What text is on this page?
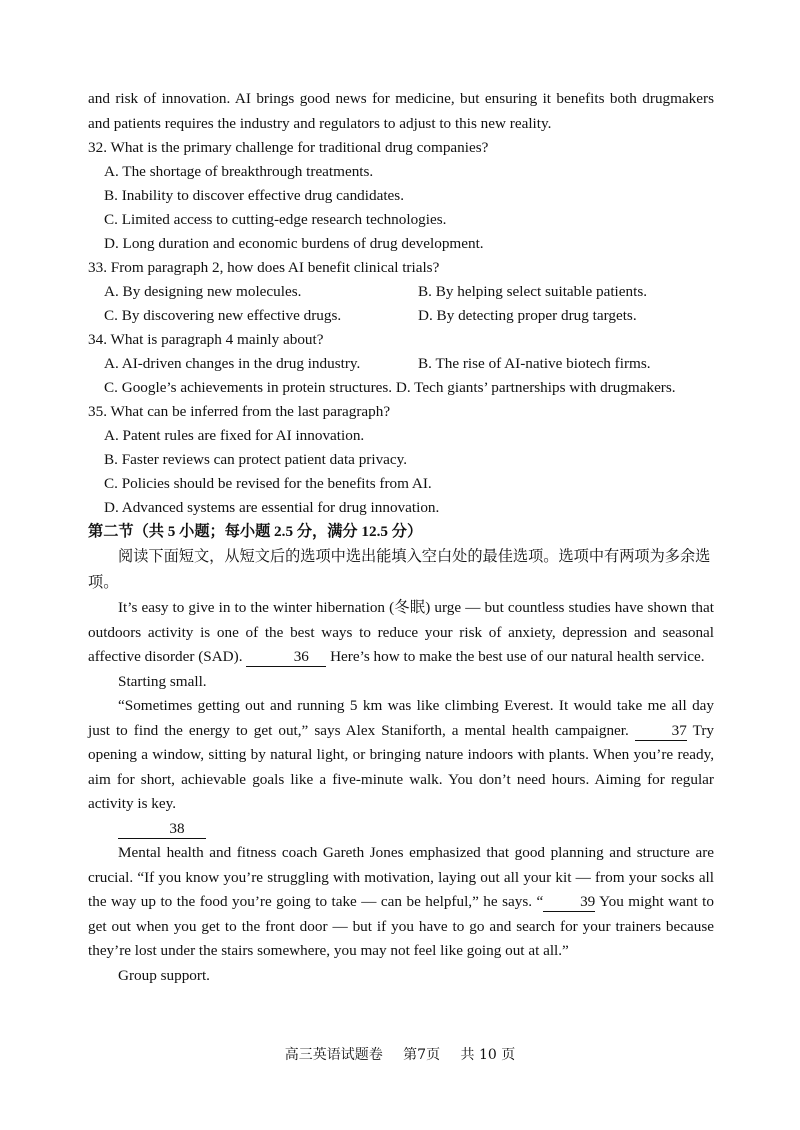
and risk of innovation. AI brings good news for medicine, but ensuring it benefits both drugmakers and patients requires the industry and regulators to adjust to this new reality.

32. What is the primary challenge for traditional drug companies?

A. The shortage of breakthrough treatments.

B. Inability to discover effective drug candidates.

C. Limited access to cutting-edge research technologies.

D. Long duration and economic burdens of drug development.

33. From paragraph 2, how does AI benefit clinical trials?

A. By designing new molecules.	B. By helping select suitable patients.
C. By discovering new effective drugs.	D. By detecting proper drug targets.

34. What is paragraph 4 mainly about?

A. AI-driven changes in the drug industry.	B. The rise of AI-native biotech firms.
C. Google’s achievements in protein structures. D. Tech giants’ partnerships with drugmakers.

35. What can be inferred from the last paragraph?

A. Patent rules are fixed for AI innovation.

B. Faster reviews can protect patient data privacy.

C. Policies should be revised for the benefits from AI.

D. Advanced systems are essential for drug innovation.

第二节（共 5 小题；每小题 2.5 分，满分 12.5 分）

阅读下面短文，从短文后的选项中选出能填入空白处的最佳选项。选项中有两项为多余选项。

It’s easy to give in to the winter hibernation (冬眠) urge — but countless studies have shown that outdoors activity is one of the best ways to reduce your risk of anxiety, depression and seasonal affective disorder (SAD).	36 Here’s how to make the best use of our natural health service.

Starting small.

“Sometimes getting out and running 5 km was like climbing Everest. It would take me all day just to find the energy to get out,” says Alex Staniforth, a mental health campaigner.	37 Try opening a window, sitting by natural light, or bringing nature indoors with plants. When you’re ready, aim for short, achievable goals like a five-minute walk. You don’t need hours. Aiming for regular activity is key.

38

Mental health and fitness coach Gareth Jones emphasized that good planning and structure are crucial. “If you know you’re struggling with motivation, laying out all your kit — from your socks all the way up to the food you’re going to take — can be helpful,” he says. “ 39 You might want to get out when you get to the front door — but if you have to go and search for your trainers because they’re lost under the stairs somewhere, you may not feel like going out at all.”

Group support.

高三英语试题卷 第7页 共 10 页
